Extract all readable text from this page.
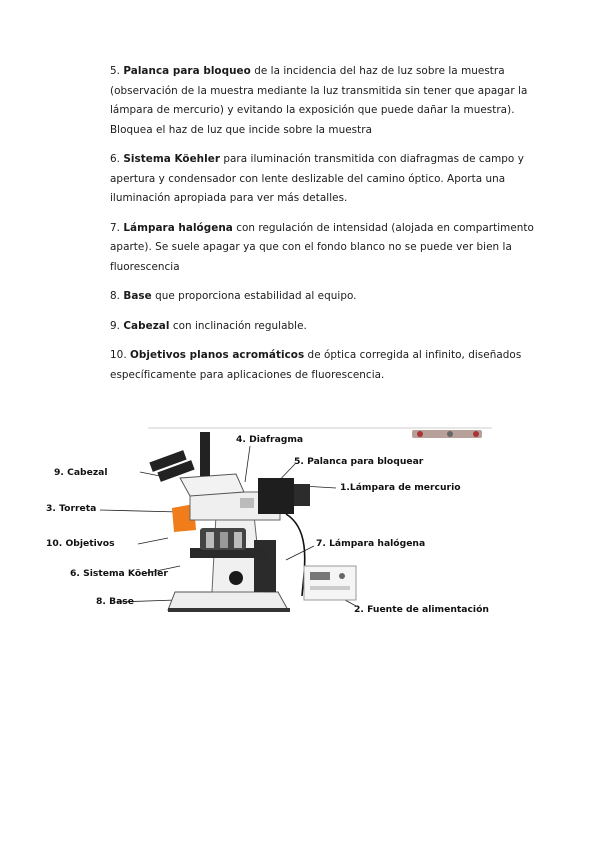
5. Palanca para bloqueo de la incidencia del haz de luz sobre la muestra (observación de la muestra mediante la luz transmitida sin tener que apagar la lámpara de mercurio) y evitando la exposición que puede dañar la muestra). Bloquea el haz de luz que incide sobre la muestra

6. Sistema Köehler para iluminación transmitida con diafragmas de campo y apertura y condensador con lente deslizable del camino óptico. Aporta una iluminación apropiada para ver más detalles.

7. Lámpara halógena con regulación de intensidad (alojada en compartimento aparte). Se suele apagar ya que con el fondo blanco no se puede ver bien la fluorescencia

8. Base que proporciona estabilidad al equipo.

9. Cabezal con inclinación regulable.

10. Objetivos planos acromáticos de óptica corregida al infinito, diseñados específicamente para aplicaciones de fluorescencia.

4. Diafragma
5. Palanca para bloquear
9. Cabezal
1.Lámpara de mercurio
3. Torreta
10. Objetivos	7. Lámpara halógena
6. Sistema Köehler
8. Base
2. Fuente de alimentación
